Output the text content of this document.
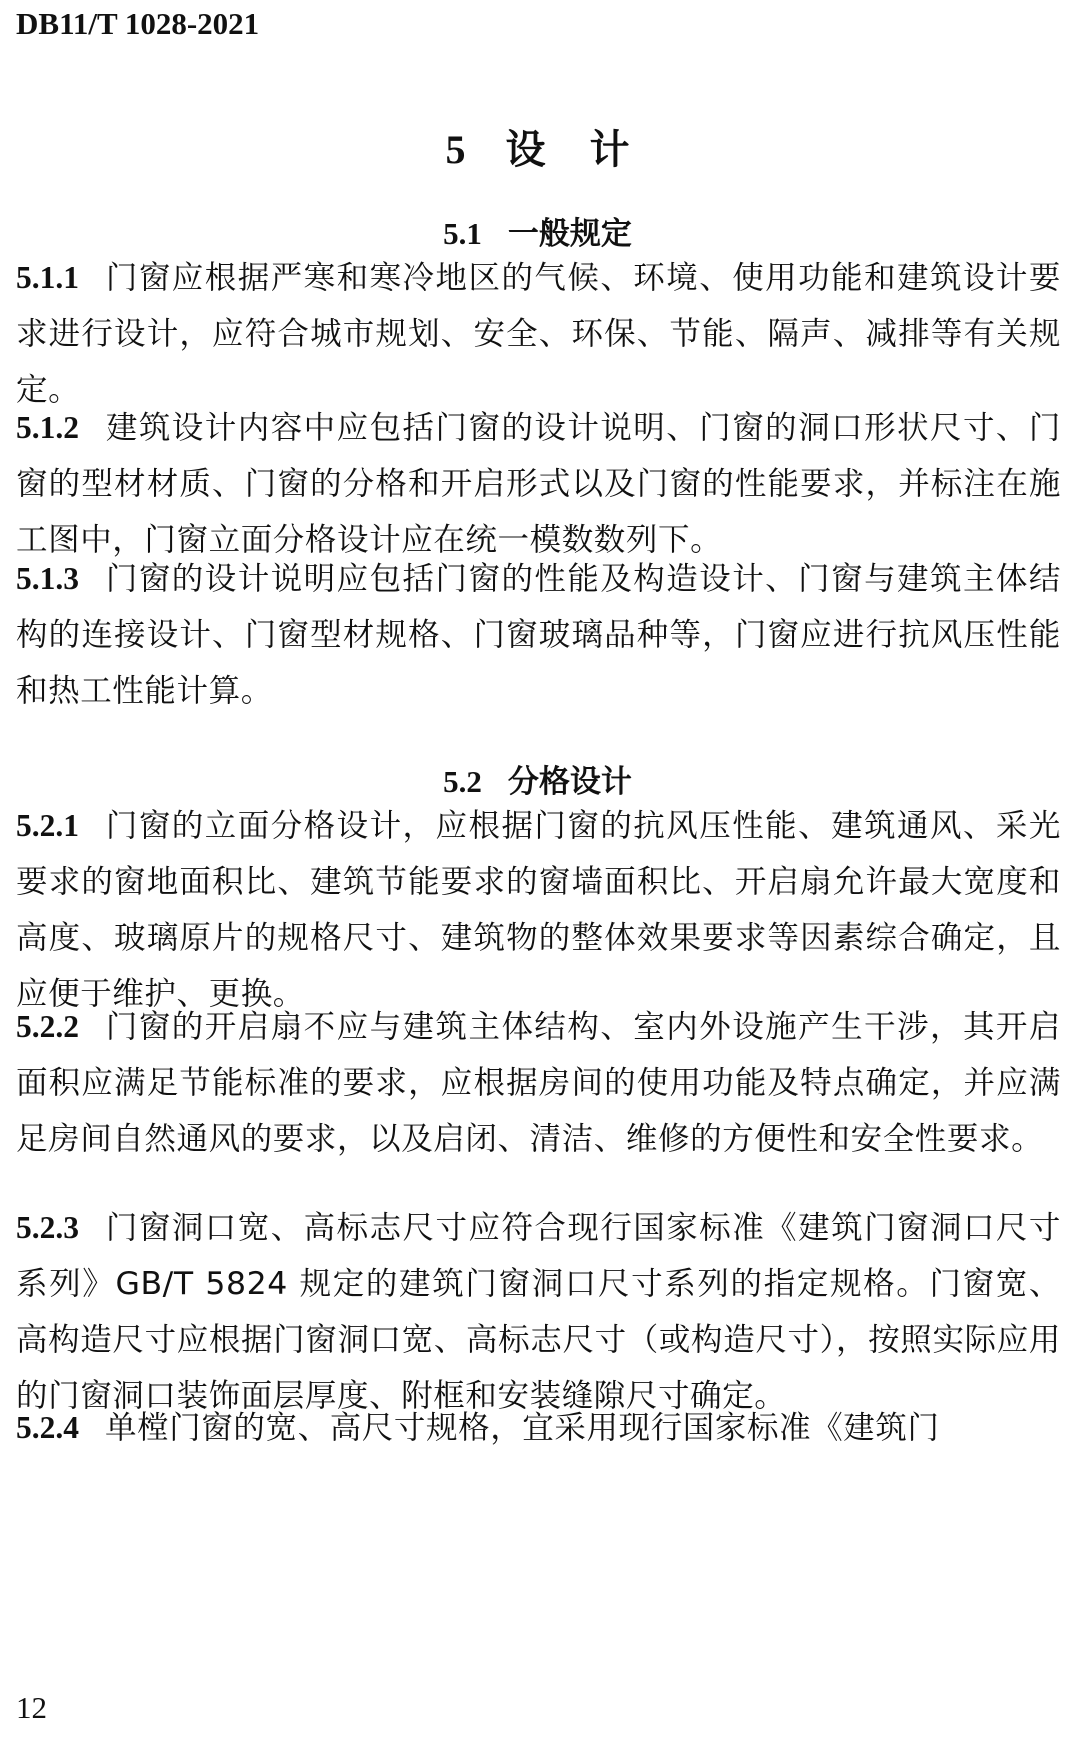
DB11/T 1028-2021
5 设 计
5.1 一般规定
5.1.1 门窗应根据严寒和寒冷地区的气候、环境、使用功能和建筑设计要求进行设计，应符合城市规划、安全、环保、节能、隔声、减排等有关规定。
5.1.2 建筑设计内容中应包括门窗的设计说明、门窗的洞口形状尺寸、门窗的型材材质、门窗的分格和开启形式以及门窗的性能要求，并标注在施工图中，门窗立面分格设计应在统一模数数列下。
5.1.3 门窗的设计说明应包括门窗的性能及构造设计、门窗与建筑主体结构的连接设计、门窗型材规格、门窗玻璃品种等，门窗应进行抗风压性能和热工性能计算。
5.2 分格设计
5.2.1 门窗的立面分格设计，应根据门窗的抗风压性能、建筑通风、采光要求的窗地面积比、建筑节能要求的窗墙面积比、开启扇允许最大宽度和高度、玻璃原片的规格尺寸、建筑物的整体效果要求等因素综合确定，且应便于维护、更换。
5.2.2 门窗的开启扇不应与建筑主体结构、室内外设施产生干涉，其开启面积应满足节能标准的要求，应根据房间的使用功能及特点确定，并应满足房间自然通风的要求，以及启闭、清洁、维修的方便性和安全性要求。
5.2.3 门窗洞口宽、高标志尺寸应符合现行国家标准《建筑门窗洞口尺寸系列》GB/T 5824 规定的建筑门窗洞口尺寸系列的指定规格。门窗宽、高构造尺寸应根据门窗洞口宽、高标志尺寸（或构造尺寸），按照实际应用的门窗洞口装饰面层厚度、附框和安装缝隙尺寸确定。
5.2.4 单樘门窗的宽、高尺寸规格，宜采用现行国家标准《建筑门
12
